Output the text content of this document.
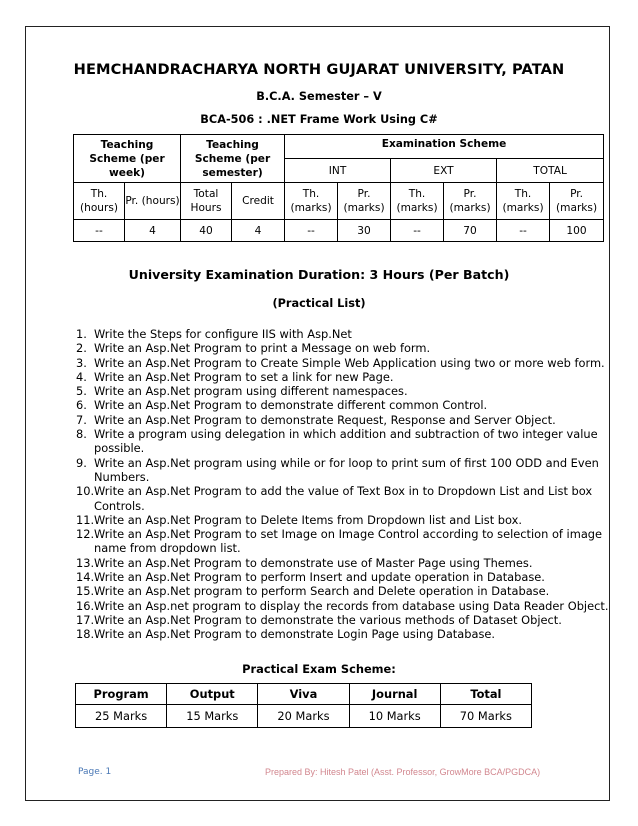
HEMCHANDRACHARYA NORTH GUJARAT UNIVERSITY, PATAN
B.C.A. Semester – V
BCA-506 : .NET Frame Work Using C#
Teaching Scheme (per week)		Teaching Scheme (per semester)		Examination Scheme					
				INT		EXT		TOTAL	
Th. (hours)	Pr. (hours)	Total Hours	Credit	Th. (marks)	Pr. (marks)	Th. (marks)	Pr. (marks)	Th. (marks)	Pr. (marks)
--	4	40	4	--	30	--	70	--	100
University Examination Duration: 3 Hours (Per Batch)
(Practical List)
1. Write the Steps for configure IIS with Asp.Net
2. Write an Asp.Net Program to print a Message on web form.
3. Write an Asp.Net Program to Create Simple Web Application using two or more web form.
4. Write an Asp.Net Program to set a link for new Page.
5. Write an Asp.Net program using different namespaces.
6. Write an Asp.Net Program to demonstrate different common Control.
7. Write an Asp.Net Program to demonstrate Request, Response and Server Object.
8. Write a program using delegation in which addition and subtraction of two integer value possible.
9. Write an Asp.Net program using while or for loop to print sum of first 100 ODD and Even Numbers.
10. Write an Asp.Net Program to add the value of Text Box in to Dropdown List and List box Controls.
11. Write an Asp.Net Program to Delete Items from Dropdown list and List box.
12. Write an Asp.Net Program to set Image on Image Control according to selection of image name from dropdown list.
13. Write an Asp.Net Program to demonstrate use of Master Page using Themes.
14. Write an Asp.Net Program to perform Insert and update operation in Database.
15. Write an Asp.Net program to perform Search and Delete operation in Database.
16. Write an Asp.net program to display the records from database using Data Reader Object.
17. Write an Asp.Net Program to demonstrate the various methods of Dataset Object.
18. Write an Asp.Net Program to demonstrate Login Page using Database.
Practical Exam Scheme:
Program	Output	Viva	Journal	Total
25 Marks	15 Marks	20 Marks	10 Marks	70 Marks
Page. 1	Prepared By: Hitesh Patel (Asst. Professor, GrowMore BCA/PGDCA)
